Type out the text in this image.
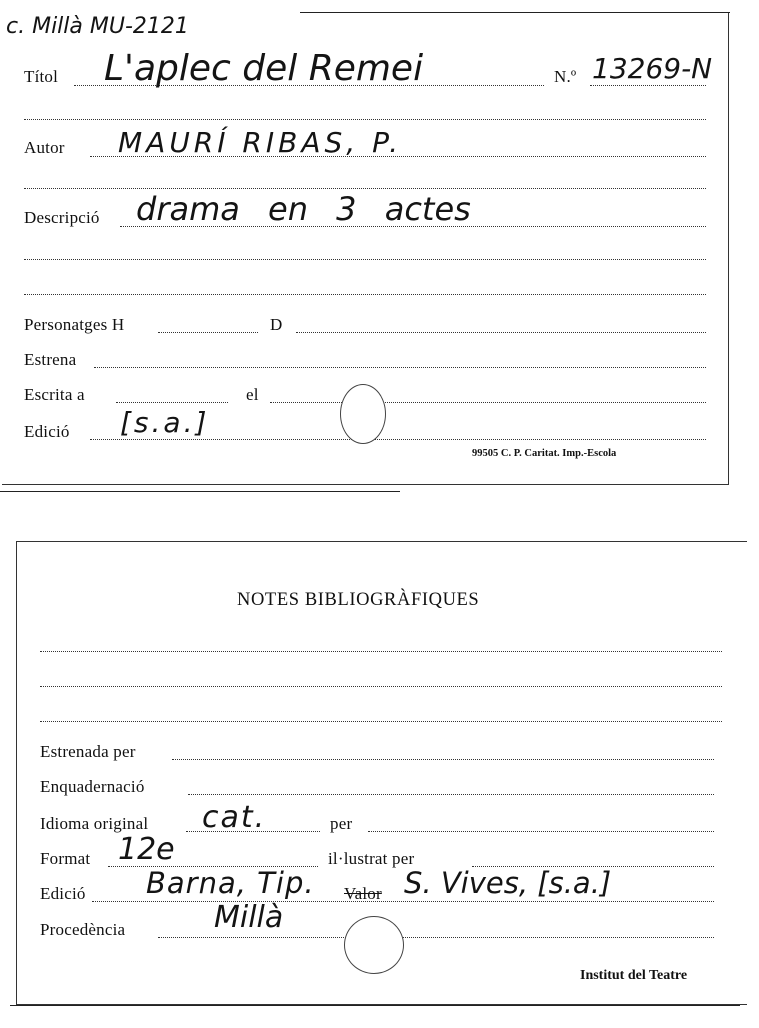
c. Millà MU-2121
Títol L'aplec del Remei	N.º 13269-N
Autor MAURÍ RIBAS, P.
Descripció drama en 3 actes
Personatges H	D
Estrena
Escrita a	el
Edició [s.a.]
99505 C. P. Caritat. Imp.-Escola
NOTES BIBLIOGRÀFIQUES
Estrenada per
Enquadernació
Idioma original cat.	per
Format 12e	il·lustrat per
Edició Barna, Tip. Valor S. Vives, [s.a.]
Procedència	Millà
Institut del Teatre
